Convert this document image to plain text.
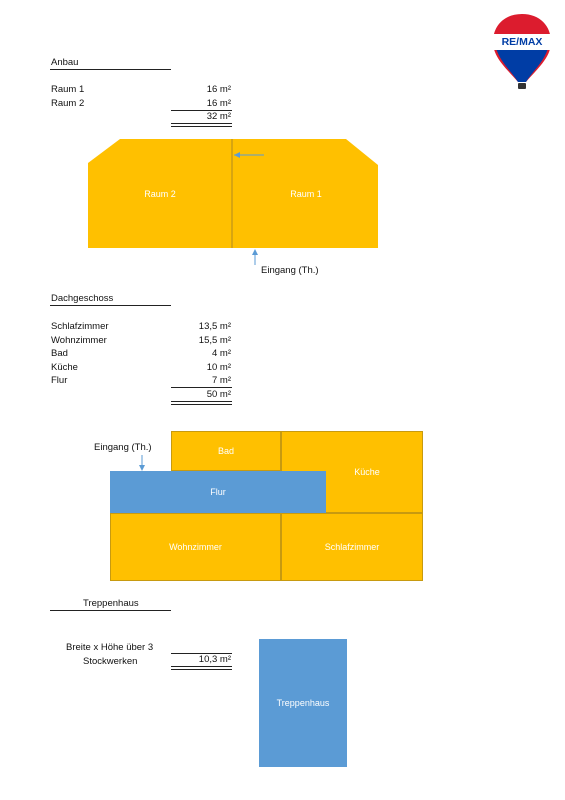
RE/MAX
Anbau
Raum 1	16 m²
Raum 2	16 m²
32 m²
Raum 2	Raum 1
Eingang (Th.)
Dachgeschoss
Schlafzimmer	13,5 m²
Wohnzimmer	15,5 m²
Bad	4 m²
Küche	10 m²
Flur	7 m²
50 m²
Eingang (Th.)	Bad
Küche
Wohnzimmer	Schlafzimmer
Flur
Treppenhaus
Breite x Höhe über 3
Stockwerken	10,3 m²
Treppenhaus
